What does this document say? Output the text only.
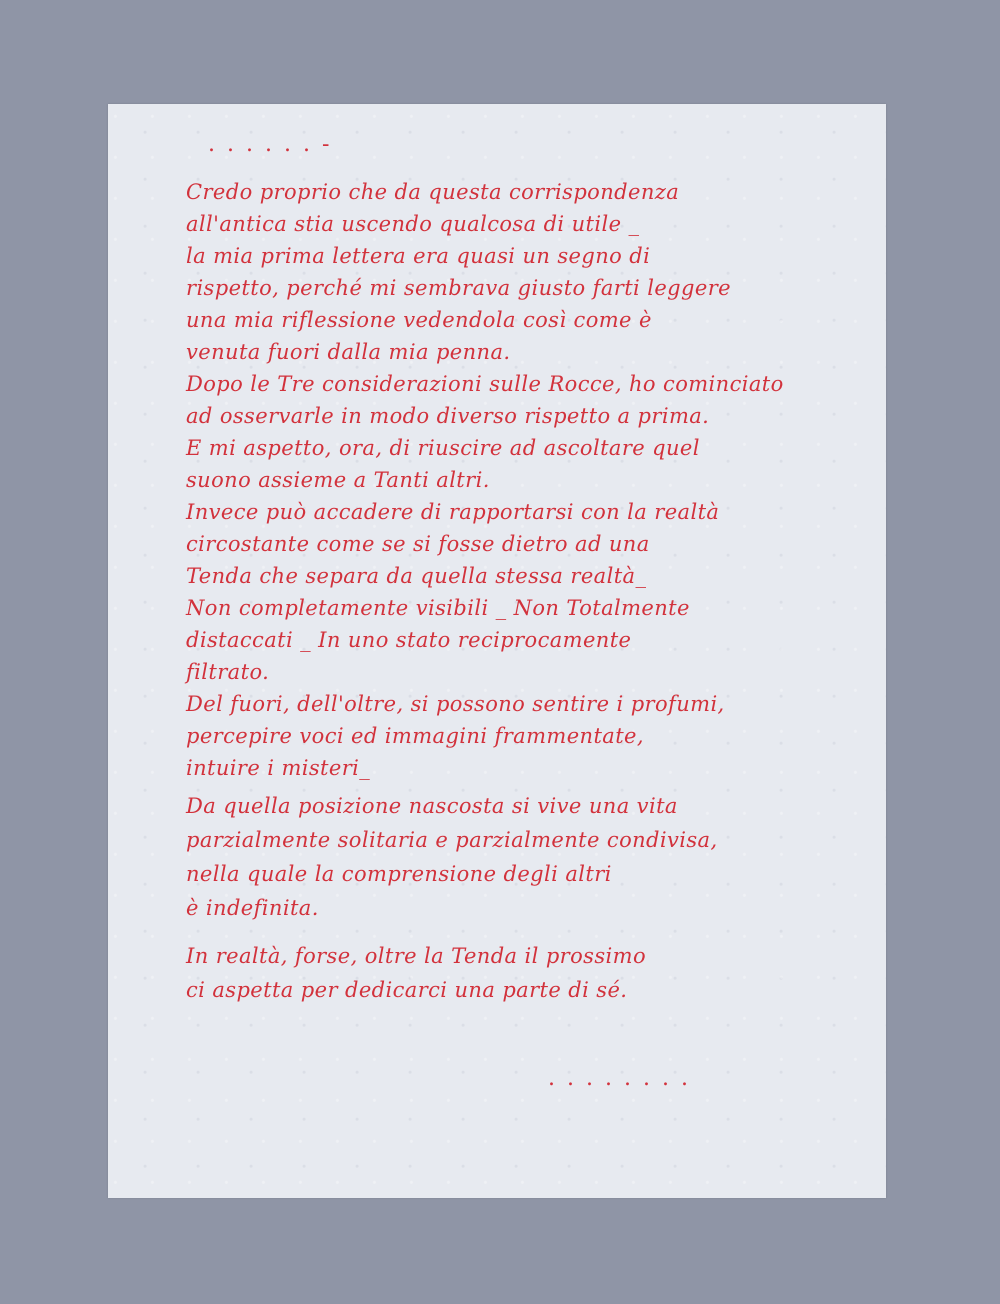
......-
Credo proprio che da questa corrispondenza
all'antica stia uscendo qualcosa di utile _
la mia prima lettera era quasi un segno di
rispetto, perché mi sembrava giusto farti leggere
una mia riflessione vedendola così come è
venuta fuori dalla mia penna.
Dopo le Tre considerazioni sulle Rocce, ho cominciato
ad osservarle in modo diverso rispetto a prima.
E mi aspetto, ora, di riuscire ad ascoltare quel
suono assieme a Tanti altri.
Invece può accadere di rapportarsi con la realtà
circostante come se si fosse dietro ad una
Tenda che separa da quella stessa realtà_
Non completamente visibili _ Non Totalmente
distaccati _ In uno stato reciprocamente
filtrato.
Del fuori, dell'oltre, si possono sentire i profumi,
percepire voci ed immagini frammentate,
intuire i misteri_
Da quella posizione nascosta si vive una vita
parzialmente solitaria e parzialmente condivisa,
nella quale la comprensione degli altri
è indefinita.
In realtà, forse, oltre la Tenda il prossimo
ci aspetta per dedicarci una parte di sé.
........
